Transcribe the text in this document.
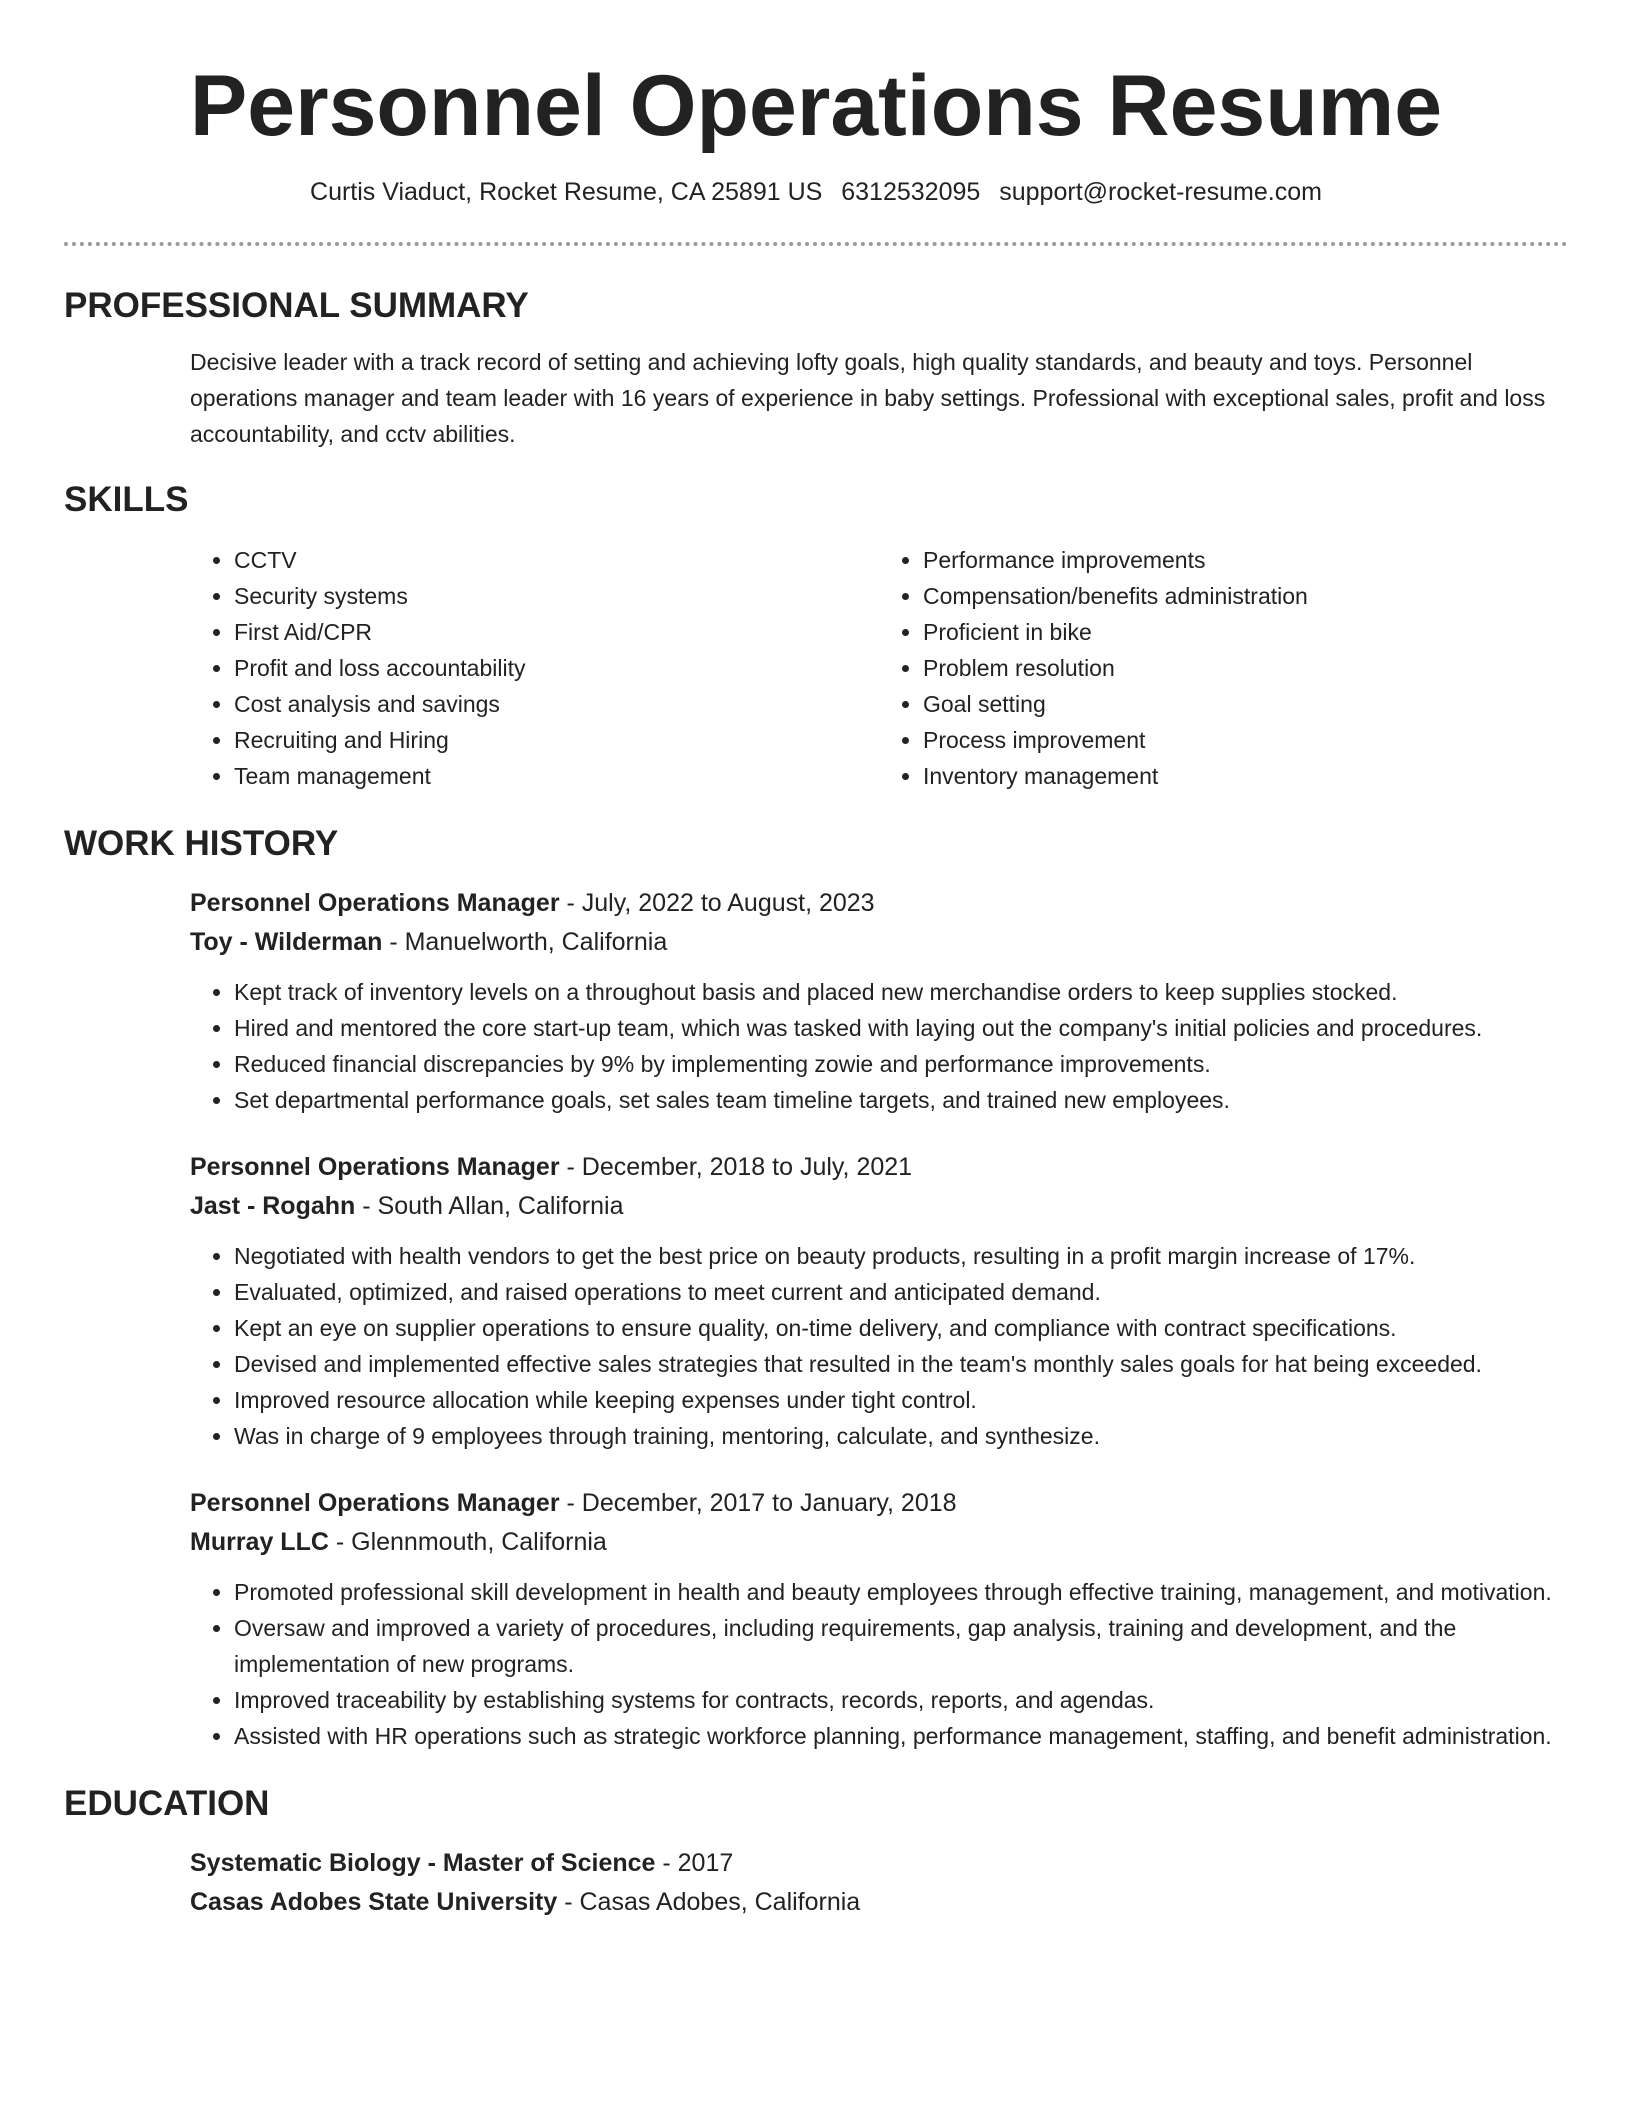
Personnel Operations Resume
Curtis Viaduct, Rocket Resume, CA 25891 US 6312532095 support@rocket-resume.com
PROFESSIONAL SUMMARY
Decisive leader with a track record of setting and achieving lofty goals, high quality standards, and beauty and toys. Personnel operations manager and team leader with 16 years of experience in baby settings. Professional with exceptional sales, profit and loss accountability, and cctv abilities.
SKILLS
• CCTV
• Security systems
• First Aid/CPR
• Profit and loss accountability
• Cost analysis and savings
• Recruiting and Hiring
• Team management
• Performance improvements
• Compensation/benefits administration
• Proficient in bike
• Problem resolution
• Goal setting
• Process improvement
• Inventory management
WORK HISTORY
Personnel Operations Manager - July, 2022 to August, 2023
Toy - Wilderman - Manuelworth, California
• Kept track of inventory levels on a throughout basis and placed new merchandise orders to keep supplies stocked.
• Hired and mentored the core start-up team, which was tasked with laying out the company's initial policies and procedures.
• Reduced financial discrepancies by 9% by implementing zowie and performance improvements.
• Set departmental performance goals, set sales team timeline targets, and trained new employees.
Personnel Operations Manager - December, 2018 to July, 2021
Jast - Rogahn - South Allan, California
• Negotiated with health vendors to get the best price on beauty products, resulting in a profit margin increase of 17%.
• Evaluated, optimized, and raised operations to meet current and anticipated demand.
• Kept an eye on supplier operations to ensure quality, on-time delivery, and compliance with contract specifications.
• Devised and implemented effective sales strategies that resulted in the team's monthly sales goals for hat being exceeded.
• Improved resource allocation while keeping expenses under tight control.
• Was in charge of 9 employees through training, mentoring, calculate, and synthesize.
Personnel Operations Manager - December, 2017 to January, 2018
Murray LLC - Glennmouth, California
• Promoted professional skill development in health and beauty employees through effective training, management, and motivation.
• Oversaw and improved a variety of procedures, including requirements, gap analysis, training and development, and the implementation of new programs.
• Improved traceability by establishing systems for contracts, records, reports, and agendas.
• Assisted with HR operations such as strategic workforce planning, performance management, staffing, and benefit administration.
EDUCATION
Systematic Biology - Master of Science - 2017
Casas Adobes State University - Casas Adobes, California
